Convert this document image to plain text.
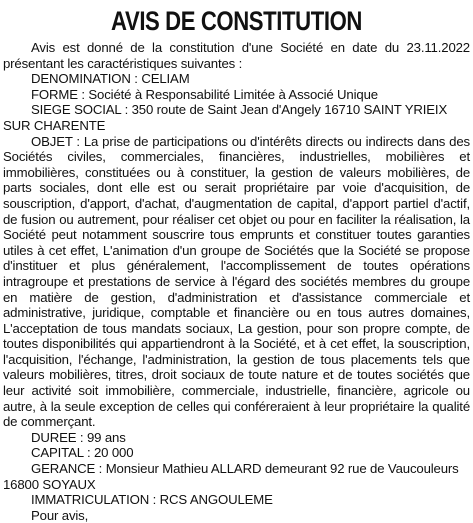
AVIS DE CONSTITUTION

Avis est donné de la constitution d'une Société en date du 23.11.2022 présentant les caractéristiques suivantes :

DENOMINATION : CELIAM

FORME : Société à Responsabilité Limitée à Associé Unique

SIEGE SOCIAL : 350 route de Saint Jean d'Angely 16710 SAINT YRIEIX SUR CHARENTE

OBJET : La prise de participations ou d'intérêts directs ou indirects dans des Sociétés civiles, commerciales, financières, industrielles, mobilières et immobilières, constituées ou à constituer, la gestion de valeurs mobilières, de parts sociales, dont elle est ou serait propriétaire par voie d'acquisition, de souscription, d'apport, d'achat, d'augmentation de capital, d'apport partiel d'actif, de fusion ou autrement, pour réaliser cet objet ou pour en faciliter la réalisation, la Société peut notamment souscrire tous emprunts et constituer toutes garanties utiles à cet effet, L'animation d'un groupe de Sociétés que la Société se propose d'instituer et plus généralement, l'accomplissement de toutes opérations intragroupe et prestations de service à l'égard des sociétés membres du groupe en matière de gestion, d'administration et d'assistance commerciale et administrative, juridique, comptable et financière ou en tous autres domaines, L'acceptation de tous mandats sociaux, La gestion, pour son propre compte, de toutes disponibilités qui appartiendront à la Société, et à cet effet, la souscription, l'acquisition, l'échange, l'administration, la gestion de tous placements tels que valeurs mobilières, titres, droit sociaux de toute nature et de toutes sociétés que leur activité soit immobilière, commerciale, industrielle, financière, agricole ou autre, à la seule exception de celles qui conféreraient à leur propriétaire la qualité de commerçant.

DUREE : 99 ans

CAPITAL : 20 000

GERANCE : Monsieur Mathieu ALLARD demeurant 92 rue de Vaucouleurs 16800 SOYAUX

IMMATRICULATION : RCS ANGOULEME

Pour avis,
